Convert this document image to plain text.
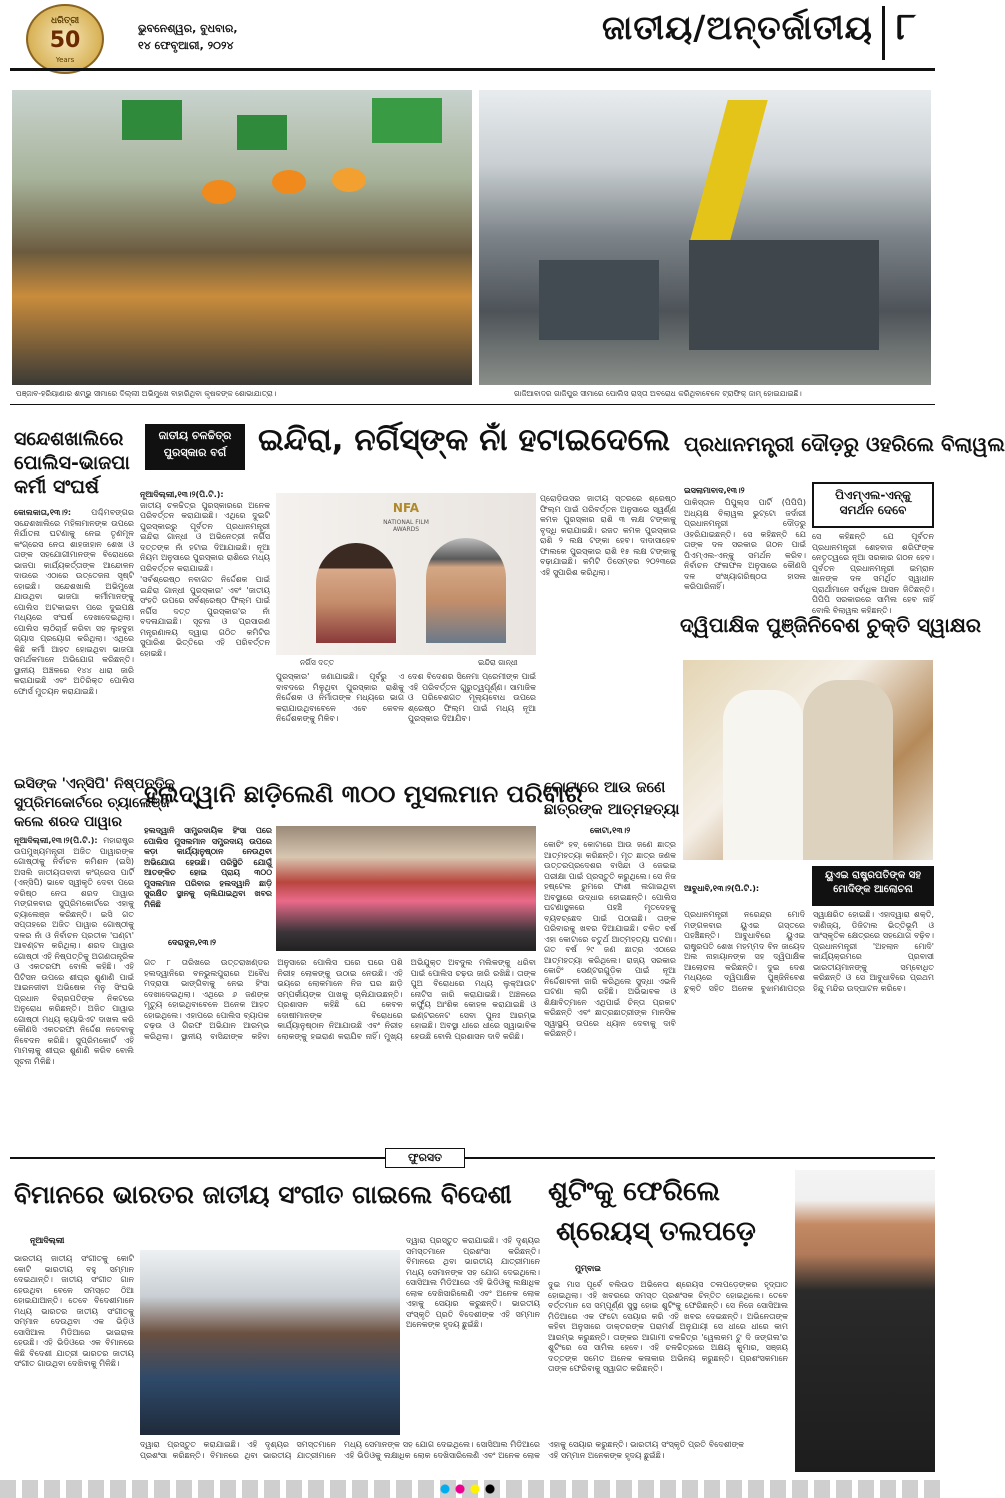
ଧରିତ୍ରୀ
50
Years
ଭୁବନେଶ୍ୱର, ବୁଧବାର,
୧୪ ଫେବୃଆରୀ, ୨୦୨୪	ଜାତୀୟ/ଅନ୍ତର୍ଜାତୀୟ ୮
ପଞ୍ଜାବ-ହରିୟାଣାର ଶମ୍ଭୁ ସୀମାରେ ଦିଲ୍ଲୀ ଅଭିମୁଖେ ବାହାରିଥିବା କୃଷକଙ୍କ ଶୋଭାଯାତ୍ରା।	ଗାଜିଆବାଦର ଗାଜିପୁର ସୀମାରେ ପୋଲିସ ରାସ୍ତା ଅବରୋଧ କରିଥିବାବେଳେ ଟ୍ରାଫିକ୍ ଜାମ୍ ହୋଇଯାଇଛି।
ସନ୍ଦେଶଖାଲିରେ
ପୋଲିସ-ଭାଜପା
କର୍ମୀ ସଂଘର୍ଷ
କୋଲକାତା,୧୩।୨:	ପଶ୍ଚିମବଙ୍ଗର ସନ୍ଦେଶଖାଲିରେ ମହିଳାମାନଙ୍କ ଉପରେ ନିର୍ଯାତନା ଘଟଣାକୁ ନେଇ ତୃଣମୂଳ କଂଗ୍ରେସ ନେତା ଶାହଜାହାନ ଶେଖ ଓ ତାଙ୍କ ସହଯୋଗୀମାନଙ୍କ ବିରୋଧରେ ଭାଜପା କାର୍ଯ୍ୟକର୍ତ୍ତାଙ୍କ ଆନ୍ଦୋଳନ ଦାଉରେ ଏଠାରେ ଉତ୍ତେଜନା ସୃଷ୍ଟି ହୋଇଛି। ସନ୍ଦେଶଖାଲି ଅଭିମୁଖେ ଯାଉଥିବା ଭାଜପା କର୍ମୀମାନଙ୍କୁ ପୋଲିସ ଅଟକାଇବା ପରେ ଦୁଇପକ୍ଷ ମଧ୍ୟରେ ସଂଘର୍ଷ ଦେଖାଦେଇଥିଲା। ପୋଲିସ ଲାଠିଚାର୍ଜ କରିବା ସହ ଲୁହବୁହା ଗ୍ୟାସ ପ୍ରୟୋଗ କରିଥିଲା। ଏଥିରେ କିଛି କର୍ମୀ ଆହତ ହୋଇଥିବା ଭାଜପା ସମର୍ଥକମାନେ ଅଭିଯୋଗ କରିଛନ୍ତି। ସ୍ଥାନୀୟ ଅଞ୍ଚଳରେ ୧୪୪ ଧାରା ଜାରି କରାଯାଇଛି ଏବଂ ଅତିରିକ୍ତ ପୋଲିସ ଫୋର୍ସ ମୁତୟନ କରାଯାଇଛି।
ଜାତୀୟ ଚଳଚ୍ଚିତ୍ର
ପୁରସ୍କାର ବର୍ଗ	ଇନ୍ଦିରା, ନର୍ଗିସ୍‌ଙ୍କ ନାଁ ହଟାଇଦେଲେ
ନୂଆଦିଲ୍ଲୀ,୧୩।୨(ପି.ଟି.):
ଜାତୀୟ ଚଳଚ୍ଚିତ୍ର ପୁରସ୍କାରରେ ଅନେକ ପରିବର୍ତ୍ତନ କରାଯାଇଛି। ଏଥିରେ ଦୁଇଟି ପୁରସ୍କାରରୁ ପୂର୍ବତନ ପ୍ରଧାନମନ୍ତ୍ରୀ ଇନ୍ଦିରା ଗାନ୍ଧୀ ଓ ଅଭିନେତ୍ରୀ ନର୍ଗିସ ଦତ୍ତଙ୍କ ନାଁ ହଟାଇ ଦିଆଯାଇଛି। ନୂଆ ନିୟମ ଅନୁସାରେ ପୁରସ୍କାର ରାଶିରେ ମଧ୍ୟ ପରିବର୍ତ୍ତନ କରାଯାଇଛି।
'ସର୍ବଶ୍ରେଷ୍ଠ ନବାଗତ ନିର୍ଦ୍ଦେଶକ ପାଇଁ ଇନ୍ଦିରା ଗାନ୍ଧୀ ପୁରସ୍କାର' ଏବଂ 'ଜାତୀୟ ସଂହତି ଉପରେ ସର୍ବଶ୍ରେଷ୍ଠ ଫିଲ୍ମ ପାଇଁ ନର୍ଗିସ ଦତ୍ତ ପୁରସ୍କାର'ର ନାଁ ବଦଳାଯାଇଛି। ସୂଚନା ଓ ପ୍ରସାରଣ ମନ୍ତ୍ରଣାଳୟ ଦ୍ୱାରା ଗଠିତ କମିଟିର ସୁପାରିଶ ଭିତ୍ତିରେ ଏହି ପରିବର୍ତ୍ତନ ହୋଇଛି।
NFA
NATIONAL FILM AWARDS
ନର୍ଗିସ ଦତ୍ତ	ଇନ୍ଦିରା ଗାନ୍ଧୀ
ପ୍ରୋଡ଼ିଉସର ଜାତୀୟ ସ୍ତରରେ ଶ୍ରେଷ୍ଠ ଫିଲ୍ମ ପାଇଁ ପରିବର୍ତ୍ତନ ଅନୁସାରେ ସ୍ୱର୍ଣ୍ଣ କମଳ ପୁରସ୍କାର ରାଶି ୩ ଲକ୍ଷ ଟଙ୍କାକୁ ବୃଦ୍ଧି କରାଯାଇଛି। ରଜତ କମଳ ପୁରସ୍କାର ରାଶି ୨ ଲକ୍ଷ ଟଙ୍କା ହେବ। ଦାଦାସାହେବ ଫାଲକେ ପୁରସ୍କାର ରାଶି ୧୫ ଲକ୍ଷ ଟଙ୍କାକୁ ବଢ଼ାଯାଇଛି। କମିଟି ଡିସେମ୍ବର ୨୦୨୩ରେ ଏହି ସୁପାରିଶ କରିଥିଲା।
ପୁରସ୍କାର' ଜଣାଯାଇଛି। ପୂର୍ବରୁ ଏ ବାବଦରେ ମିଳୁଥିବା ପୁରସ୍କାର ରାଶିକୁ ନିର୍ଦ୍ଦେଶକ ଓ ନିର୍ମାତାଙ୍କ ମଧ୍ୟରେ ଭାଗ କରାଯାଉଥିବାବେଳେ ଏବେ କେବଳ ନିର୍ଦ୍ଦେଶକଙ୍କୁ ମିଳିବ।
ଦେଶ ବିଦେଶର ସିନେମା ପ୍ରେମୀଙ୍କ ପାଇଁ ଏହି ପରିବର୍ତ୍ତନ ଗୁରୁତ୍ୱପୂର୍ଣ୍ଣ। ସାମାଜିକ ଓ ପରିବେଶଗତ ମୂଲ୍ୟବୋଧ ଉପରେ ଶ୍ରେଷ୍ଠ ଫିଲ୍ମ ପାଇଁ ମଧ୍ୟ ନୂଆ ପୁରସ୍କାର ଦିଆଯିବ।
ପ୍ରଧାନମନ୍ତ୍ରୀ ଦୌଡ଼ରୁ ଓହରିଲେ ବିଲାୱଲ
ଇସଲାମାବାଦ,୧୩।୨
ପାକିସ୍ତାନ ପିପୁଲ୍ସ ପାର୍ଟି (ପିପିପି) ଅଧ୍ୟକ୍ଷ ବିଲାୱଲ ଭୁଟ୍ଟୋ ଜର୍ଦାରୀ ପ୍ରଧାନମନ୍ତ୍ରୀ ଦୌଡ଼ରୁ ଓହରିଯାଇଛନ୍ତି। ସେ କହିଛନ୍ତି ଯେ ତାଙ୍କ ଦଳ ସରକାର ଗଠନ ପାଇଁ ପିଏମ୍‌ଏଲ-ଏନ୍‌କୁ ସମର୍ଥନ କରିବ। ନିର୍ବାଚନ ଫଳାଫଳ ଅନୁସାରେ କୌଣସି ଦଳ ସଂଖ୍ୟାଗରିଷ୍ଠତା ହାସଲ କରିପାରିନାହିଁ।
ପିଏମ୍‌ଏଲ-ଏନ୍‌କୁ ସମର୍ଥନ ଦେବେ
ସେ କହିଛନ୍ତି ଯେ ପୂର୍ବତନ ପ୍ରଧାନମନ୍ତ୍ରୀ ଶେହବାଜ ଶରିଫଙ୍କ ନେତୃତ୍ୱରେ ନୂଆ ସରକାର ଗଠନ ହେବ। ପୂର୍ବତନ ପ୍ରଧାନମନ୍ତ୍ରୀ ଇମ୍ରାନ ଖାନଙ୍କ ଦଳ ସମର୍ଥିତ ସ୍ୱାଧୀନ ପ୍ରାର୍ଥୀମାନେ ସର୍ବାଧିକ ଆସନ ଜିତିଛନ୍ତି। ପିପିପି ସରକାରରେ ସାମିଲ ହେବ ନାହିଁ ବୋଲି ବିଲାୱଲ କହିଛନ୍ତି।
ଦ୍ୱିପାକ୍ଷିକ ପୁଞ୍ଜିନିବେଶ ଚୁକ୍ତି ସ୍ୱାକ୍ଷର
ଆବୁଧାବି,୧୩।୨(ପି.ଟି.):
ୟୁଏଇ ରାଷ୍ଟ୍ରପତିଙ୍କ ସହ
ମୋଦିଙ୍କ ଆଲୋଚନା
ପ୍ରଧାନମନ୍ତ୍ରୀ ନରେନ୍ଦ୍ର ମୋଦି ମଙ୍ଗଳବାର ୟୁଏଇ ଗସ୍ତରେ ପହଞ୍ଚିଛନ୍ତି। ଆବୁଧାବିରେ ୟୁଏଇ ରାଷ୍ଟ୍ରପତି ଶେଖ ମହମ୍ମଦ ବିନ ଜାୟେଦ ଅଲ ନାହାୟାନଙ୍କ ସହ ଦ୍ୱିପାକ୍ଷିକ ଆଲୋଚନା କରିଛନ୍ତି। ଦୁଇ ଦେଶ ମଧ୍ୟରେ ଦ୍ୱିପାକ୍ଷିକ ପୁଞ୍ଜିନିବେଶ ଚୁକ୍ତି ସହିତ ଅନେକ ବୁଝାମଣାପତ୍ର ସ୍ୱାକ୍ଷରିତ ହୋଇଛି। ଏହାଦ୍ୱାରା ଶକ୍ତି, ବାଣିଜ୍ୟ, ଡିଜିଟାଲ ଭିତ୍ତିଭୂମି ଓ ସାଂସ୍କୃତିକ କ୍ଷେତ୍ରରେ ସହଯୋଗ ବଢ଼ିବ। ପ୍ରଧାନମନ୍ତ୍ରୀ 'ଅହଲାନ ମୋଦି' କାର୍ଯ୍ୟକ୍ରମରେ ପ୍ରବାସୀ ଭାରତୀୟମାନଙ୍କୁ ସମ୍ବୋଧିତ କରିଛନ୍ତି ଓ ସେ ଆବୁଧାବିରେ ପ୍ରଥମ ହିନ୍ଦୁ ମନ୍ଦିର ଉଦ୍‌ଘାଟନ କରିବେ।
ଇସିଙ୍କ 'ଏନ୍‌ସିପି' ନିଷ୍ପତ୍ତିକୁ
ସୁପ୍ରିମକୋର୍ଟରେ ଚ୍ୟାଲେଞ୍ଜ
କଲେ ଶରଦ ପାୱାର
ନୂଆଦିଲ୍ଲୀ,୧୩।୨(ପି.ଟି.): ମହାରାଷ୍ଟ୍ର ଉପମୁଖ୍ୟମନ୍ତ୍ରୀ ଅଜିତ ପାୱାରଙ୍କ ଗୋଷ୍ଠୀକୁ ନିର୍ବାଚନ କମିଶନ (ଇସି) ଅସଲି ଜାତୀୟତାବାଦୀ କଂଗ୍ରେସ ପାର୍ଟି (ଏନ୍‌ସିପି) ଭାବେ ସ୍ୱୀକୃତି ଦେବା ପରେ ବରିଷ୍ଠ ନେତା ଶରଦ ପାୱାର ମଙ୍ଗଳବାର ସୁପ୍ରିମକୋର୍ଟରେ ଏହାକୁ ଚ୍ୟାଲେଞ୍ଜ କରିଛନ୍ତି। ଇସି ଗତ ସପ୍ତାହରେ ଅଜିତ ପାୱାର ଗୋଷ୍ଠୀକୁ ଦଳର ନାଁ ଓ ନିର୍ବାଚନ ପ୍ରତୀକ 'ଘଣ୍ଟା' ଆବଣ୍ଟନ କରିଥିଲା। ଶରଦ ପାୱାର ଗୋଷ୍ଠୀ ଏହି ନିଷ୍ପତ୍ତିକୁ ଅଗଣତାନ୍ତ୍ରିକ ଓ ଏକତରଫା ବୋଲି କହିଛି। ଏହି ପିଟିସନ ଉପରେ ଶୀଘ୍ର ଶୁଣାଣି ପାଇଁ ଆଇନଜୀବୀ ଅଭିଷେକ ମନୁ ସିଂଘଭି ପ୍ରଧାନ ବିଚାରପତିଙ୍କ ନିକଟରେ ଅନୁରୋଧ କରିଛନ୍ତି। ଅଜିତ ପାୱାର ଗୋଷ୍ଠୀ ମଧ୍ୟ କ୍ୟାଭିଏଟ ଦାଖଲ କରି କୌଣସି ଏକତରଫା ନିର୍ଦ୍ଦେଶ ନଦେବାକୁ ନିବେଦନ କରିଛି। ସୁପ୍ରିମକୋର୍ଟ ଏହି ମାମଲାକୁ ଶୀଘ୍ର ଶୁଣାଣି କରିବ ବୋଲି ସୂଚନା ମିଳିଛି।
ହଲଦ୍ୱାନି ଛାଡ଼ିଲେଣି ୩୦୦ ମୁସଲମାନ ପରିବାର
ହଲଦ୍ୱାନି ସାମ୍ପ୍ରଦାୟିକ ହିଂସା ପରେ ପୋଲିସ ମୁସଲମାନ ସମ୍ପ୍ରଦାୟ ଉପରେ କଡ଼ା କାର୍ଯ୍ୟାନୁଷ୍ଠାନ ନେଉଥିବା ଅଭିଯୋଗ ହେଉଛି। ପରିସ୍ଥିତି ଯୋଗୁଁ ଆତଙ୍କିତ ହୋଇ ପ୍ରାୟ ୩୦୦ ମୁସଲମାନ ପରିବାର ହଲଦ୍ୱାନି ଛାଡ଼ି ସୁରକ୍ଷିତ ସ୍ଥାନକୁ ଚାଲିଯାଇଥିବା ଖବର ମିଳିଛି
ଦେରାଦୁନ,୧୩।୨
ଗତ ୮ ତାରିଖରେ ଉତ୍ତରାଖଣ୍ଡର ହଲଦ୍ୱାନିରେ ବନଭୁଲପୁରାରେ ଅବୈଧ ମଦ୍ରାସା ଭାଙ୍ଗିବାକୁ ନେଇ ହିଂସା ଦେଖାଦେଇଥିଲା। ଏଥିରେ ୬ ଜଣଙ୍କ ମୃତ୍ୟୁ ହୋଇଥିବାବେଳେ ଅନେକ ଆହତ ହୋଇଥିଲେ। ଏହାପରେ ପୋଲିସ ବ୍ୟାପକ ଚଢ଼ଉ ଓ ଗିରଫ ଅଭିଯାନ ଆରମ୍ଭ କରିଥିଲା। ସ୍ଥାନୀୟ ବାସିନ୍ଦାଙ୍କ କହିବା ଅନୁସାରେ ପୋଲିସ ଘରେ ଘରେ ପଶି ନିରୀହ ଲୋକଙ୍କୁ ଉଠାଇ ନେଉଛି। ଏହି ଭୟରେ ଲୋକମାନେ ନିଜ ଘର ଛାଡ଼ି ସମ୍ପର୍କୀୟଙ୍କ ପାଖକୁ ଚାଲିଯାଉଛନ୍ତି। ପ୍ରଶାସନ କହିଛି ଯେ କେବଳ ଦୋଷୀମାନଙ୍କ ବିରୋଧରେ କାର୍ଯ୍ୟାନୁଷ୍ଠାନ ନିଆଯାଉଛି ଏବଂ ନିରୀହ ଲୋକଙ୍କୁ ହଇରାଣ କରାଯିବ ନାହିଁ। ମୁଖ୍ୟ ଅଭିଯୁକ୍ତ ଅବଦୁଲ ମଲିକଙ୍କୁ ଧରିବା ପାଇଁ ପୋଲିସ ଚଢ଼ଉ ଜାରି ରଖିଛି। ତାଙ୍କ ପୁଅ ବିରୋଧରେ ମଧ୍ୟ ଲୁକ୍‌ଆଉଟ ନୋଟିସ ଜାରି କରାଯାଇଛି। ଅଞ୍ଚଳରେ କର୍ଫ୍ୟୁ ଆଂଶିକ କୋହଳ କରାଯାଇଛି ଓ ଇଣ୍ଟରନେଟ ସେବା ପୁନଃ ଆରମ୍ଭ ହୋଇଛି। ଅବସ୍ଥା ଧୀରେ ଧୀରେ ସ୍ୱାଭାବିକ ହେଉଛି ବୋଲି ପ୍ରଶାସନ ଦାବି କରିଛି।
କୋଟାରେ ଆଉ ଜଣେ
ଛାତ୍ରଙ୍କ ଆତ୍ମହତ୍ୟା
କୋଟା,୧୩।୨
କୋଚିଂ ହବ୍ କୋଟାରେ ଆଉ ଜଣେ ଛାତ୍ର ଆତ୍ମହତ୍ୟା କରିଛନ୍ତି। ମୃତ ଛାତ୍ର ଜଣକ ଉତ୍ତରପ୍ରଦେଶର ବାସିନ୍ଦା ଓ ଜେଇଇ ପରୀକ୍ଷା ପାଇଁ ପ୍ରସ୍ତୁତି କରୁଥିଲେ। ସେ ନିଜ ହଷ୍ଟେଲ ରୁମରେ ଫାଶୀ ଲଗାଇଥିବା ଅବସ୍ଥାରେ ଉଦ୍ଧାର ହୋଇଛନ୍ତି। ପୋଲିସ ଘଟଣାସ୍ଥଳରେ ପହଞ୍ଚି ମୃତଦେହକୁ ବ୍ୟବଚ୍ଛେଦ ପାଇଁ ପଠାଇଛି। ତାଙ୍କ ପରିବାରକୁ ଖବର ଦିଆଯାଇଛି। ଚଳିତ ବର୍ଷ ଏହା କୋଟାରେ ଚତୁର୍ଥ ଆତ୍ମହତ୍ୟା ଘଟଣା। ଗତ ବର୍ଷ ୨୯ ଜଣ ଛାତ୍ର ଏଠାରେ ଆତ୍ମହତ୍ୟା କରିଥିଲେ। ରାଜ୍ୟ ସରକାର କୋଚିଂ ସେଣ୍ଟରଗୁଡ଼ିକ ପାଇଁ ନୂଆ ନିର୍ଦ୍ଦେଶାବଳୀ ଜାରି କରିଥିଲେ ସୁଦ୍ଧା ଏଭଳି ଘଟଣା ଲାଗି ରହିଛି। ଅଭିଭାବକ ଓ ଶିକ୍ଷାବିତ୍ମାନେ ଏଥିପାଇଁ ଚିନ୍ତା ପ୍ରକଟ କରିଛନ୍ତି ଏବଂ ଛାତ୍ରଛାତ୍ରୀଙ୍କ ମାନସିକ ସ୍ୱାସ୍ଥ୍ୟ ଉପରେ ଧ୍ୟାନ ଦେବାକୁ ଦାବି କରିଛନ୍ତି।
ଫୁରସତ
ବିମାନରେ ଭାରତର ଜାତୀୟ ସଂଗୀତ ଗାଇଲେ ବିଦେଶୀ
ନୂଆଦିଲ୍ଲୀ
ଭାରତୀୟ ଜାତୀୟ ସଂଗୀତକୁ କୋଟି କୋଟି ଭାରତୀୟ ବହୁ ସମ୍ମାନ ଦେଇଥାନ୍ତି। ଜାତୀୟ ସଂଗୀତ ଗାନ ହେଉଥିବା ବେଳେ ସମସ୍ତେ ଠିଆ ହୋଇଯାଆନ୍ତି। ତେବେ ବିଦେଶୀମାନେ ମଧ୍ୟ ଭାରତର ଜାତୀୟ ସଂଗୀତକୁ ସମ୍ମାନ ଦେଉଥିବା ଏକ ଭିଡ଼ିଓ ସୋସିଆଲ ମିଡିଆରେ ଭାଇରାଲ ହେଉଛି। ଏହି ଭିଡିଓରେ ଏକ ବିମାନରେ କିଛି ବିଦେଶୀ ଯାତ୍ରୀ ଭାରତର ଜାତୀୟ ସଂଗୀତ ଗାଉଥିବା ଦେଖିବାକୁ ମିଳିଛି।
ଦ୍ୱାରା ପ୍ରସ୍ତୁତ କରାଯାଇଛି। ଏହି ଦୃଶ୍ୟର ସମସ୍ତମାନେ ପ୍ରଶଂସା କରିଛନ୍ତି। ବିମାନରେ ଥିବା ଭାରତୀୟ ଯାତ୍ରୀମାନେ ମଧ୍ୟ ସେମାନଙ୍କ ସହ ଯୋଗ ଦେଇଥିଲେ। ସୋସିଆଲ ମିଡିଆରେ ଏହି ଭିଡିଓକୁ ଲକ୍ଷାଧିକ ଲୋକ ଦେଖିସାରିଲେଣି ଏବଂ ଅନେକ ଲୋକ ଏହାକୁ ସେୟାର କରୁଛନ୍ତି। ଭାରତୀୟ ସଂସ୍କୃତି ପ୍ରତି ବିଦେଶୀଙ୍କ ଏହି ସମ୍ମାନ ଅନେକଙ୍କ ହୃଦୟ ଛୁଇଁଛି।
ଦ୍ୱାରା ପ୍ରସ୍ତୁତ କରାଯାଇଛି। ଏହି ଦୃଶ୍ୟର ସମସ୍ତମାନେ ପ୍ରଶଂସା କରିଛନ୍ତି। ବିମାନରେ ଥିବା ଭାରତୀୟ ଯାତ୍ରୀମାନେ ମଧ୍ୟ ସେମାନଙ୍କ ସହ ଯୋଗ ଦେଇଥିଲେ। ସୋସିଆଲ ମିଡିଆରେ ଏହି ଭିଡିଓକୁ ଲକ୍ଷାଧିକ ଲୋକ ଦେଖିସାରିଲେଣି ଏବଂ ଅନେକ ଲୋକ ଏହାକୁ ସେୟାର କରୁଛନ୍ତି। ଭାରତୀୟ ସଂସ୍କୃତି ପ୍ରତି ବିଦେଶୀଙ୍କ ଏହି ସମ୍ମାନ ଅନେକଙ୍କ ହୃଦୟ ଛୁଇଁଛି।
ଶୁଟିଂକୁ ଫେରିଲେ
ଶ୍ରେୟସ୍ ତଲପଡ଼େ
ମୁମ୍ବାଇ
ଦୁଇ ମାସ ପୂର୍ବେ ବଲିଉଡ ଅଭିନେତା ଶ୍ରେୟସ ତଲପଡ଼େଙ୍କର ହୃଦ୍‌ଘାତ ହୋଇଥିଲା। ଏହି ଖବରରେ ସମସ୍ତ ପ୍ରଶଂସକ ଚିନ୍ତିତ ହୋଇଥିଲେ। ତେବେ ବର୍ତ୍ତମାନ ସେ ସମ୍ପୂର୍ଣ୍ଣ ସୁସ୍ଥ ହୋଇ ଶୁଟିଂକୁ ଫେରିଛନ୍ତି। ସେ ନିଜେ ସୋସିଆଲ ମିଡିଆରେ ଏକ ଫଟୋ ସେୟାର କରି ଏହି ଖବର ଦେଇଛନ୍ତି। ଅଭିନେତାଙ୍କ କହିବା ଅନୁସାରେ ଡାକ୍ତରଙ୍କ ପରାମର୍ଶ ଅନୁଯାୟୀ ସେ ଧୀରେ ଧୀରେ କାମ ଆରମ୍ଭ କରୁଛନ୍ତି। ତାଙ୍କର ଆଗାମୀ ଚଳଚ୍ଚିତ୍ର 'ୱେଲକମ ଟୁ ଦି ଜଙ୍ଗଲ'ର ଶୁଟିଂରେ ସେ ସାମିଲ ହେବେ। ଏହି ଚଳଚ୍ଚିତ୍ରରେ ଅକ୍ଷୟ କୁମାର, ସଞ୍ଜୟ ଦତ୍ତଙ୍କ ସମେତ ଅନେକ କଳାକାର ଅଭିନୟ କରୁଛନ୍ତି। ପ୍ରଶଂସକମାନେ ତାଙ୍କ ଫେରିବାକୁ ସ୍ୱାଗତ କରିଛନ୍ତି।
